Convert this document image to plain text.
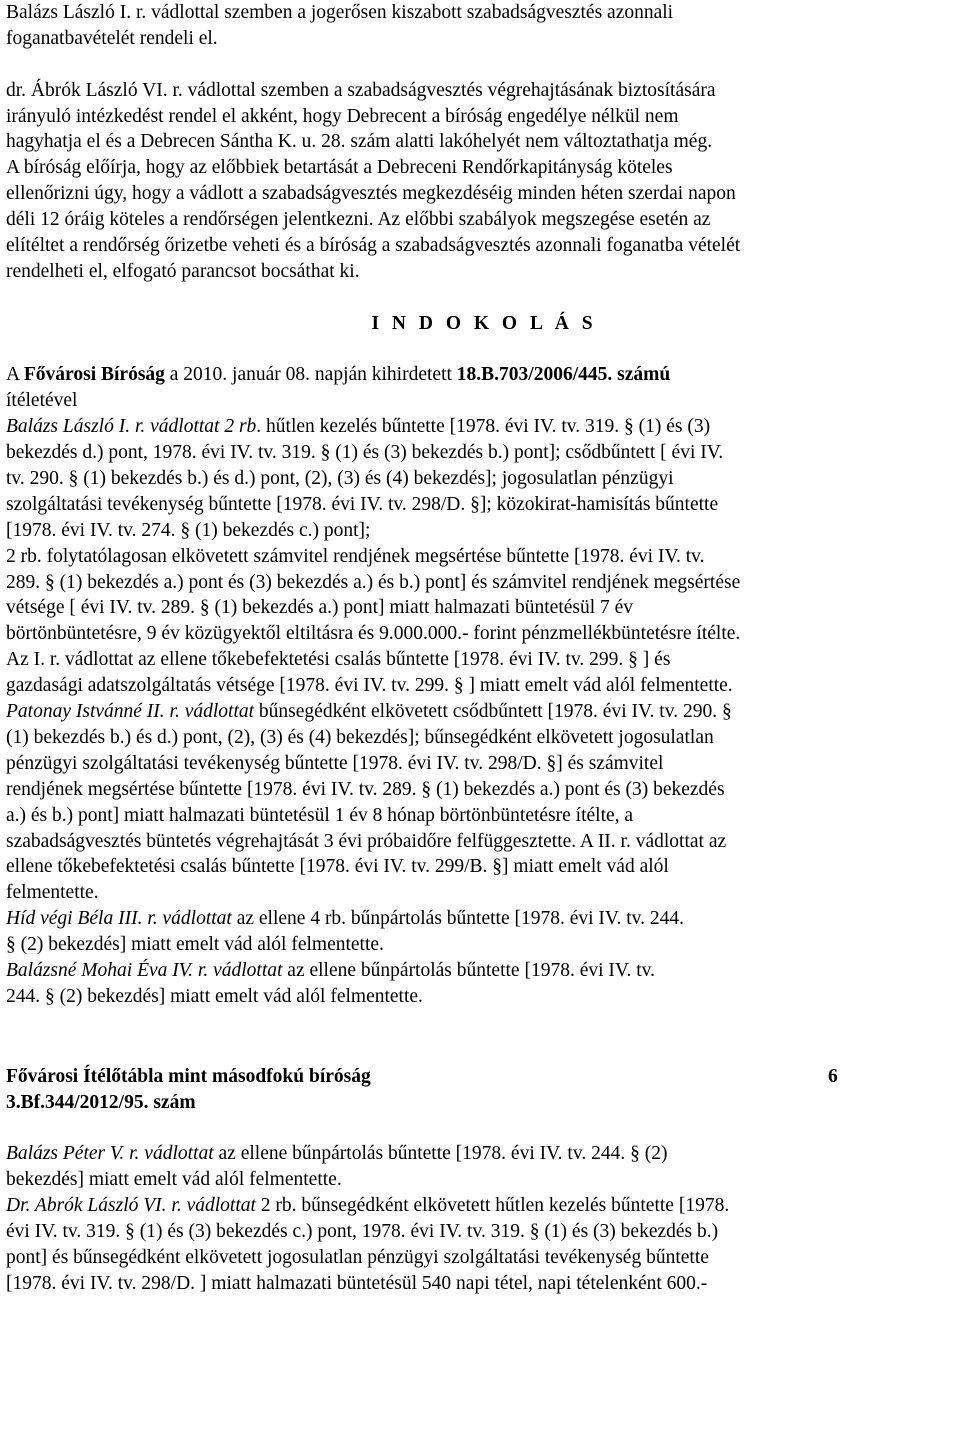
Balázs László I. r. vádlottal szemben a jogerősen kiszabott szabadságvesztés azonnali
foganatbavételét rendeli el.
dr. Ábrók László VI. r. vádlottal szemben a szabadságvesztés végrehajtásának biztosítására
irányuló intézkedést rendel el akként, hogy Debrecent a bíróság engedélye nélkül nem
hagyhatja el és a Debrecen Sántha K. u. 28. szám alatti lakóhelyét nem változtathatja még.
A bíróság előírja, hogy az előbbiek betartását a Debreceni Rendőrkapitányság köteles
ellenőrizni úgy, hogy a vádlott a szabadságvesztés megkezdéséig minden héten szerdai napon
déli 12 óráig köteles a rendőrségen jelentkezni. Az előbbi szabályok megszegése esetén az
elítéltet a rendőrség őrizetbe veheti és a bíróság a szabadságvesztés azonnali foganatba vételét
rendelheti el, elfogató parancsot bocsáthat ki.
I N D O K O L Á S
A Fővárosi Bíróság a 2010. január 08. napján kihirdetett 18.B.703/2006/445. számú
ítéletével
Balázs László I. r. vádlottat 2 rb. hűtlen kezelés bűntette [1978. évi IV. tv. 319. § (1) és (3)
bekezdés d.) pont, 1978. évi IV. tv. 319. § (1) és (3) bekezdés b.) pont]; csődbűntett [ évi IV.
tv. 290. § (1) bekezdés b.) és d.) pont, (2), (3) és (4) bekezdés]; jogosulatlan pénzügyi
szolgáltatási tevékenység bűntette [1978. évi IV. tv. 298/D. §]; közokirat-hamisítás bűntette
[1978. évi IV. tv. 274. § (1) bekezdés c.) pont];
2 rb. folytatólagosan elkövetett számvitel rendjének megsértése bűntette [1978. évi IV. tv.
289. § (1) bekezdés a.) pont és (3) bekezdés a.) és b.) pont] és számvitel rendjének megsértése
vétsége [ évi IV. tv. 289. § (1) bekezdés a.) pont] miatt halmazati büntetésül 7 év
börtönbüntetésre, 9 év közügyektől eltiltásra és 9.000.000.- forint pénzmellékbüntetésre ítélte.
Az I. r. vádlottat az ellene tőkebefektetési csalás bűntette [1978. évi IV. tv. 299. § ] és
gazdasági adatszolgáltatás vétsége [1978. évi IV. tv. 299. § ] miatt emelt vád alól felmentette.
Patonay Istvánné II. r. vádlottat bűnsegédként elkövetett csődbűntett [1978. évi IV. tv. 290. §
(1) bekezdés b.) és d.) pont, (2), (3) és (4) bekezdés]; bűnsegédként elkövetett jogosulatlan
pénzügyi szolgáltatási tevékenység bűntette [1978. évi IV. tv. 298/D. §] és számvitel
rendjének megsértése bűntette [1978. évi IV. tv. 289. § (1) bekezdés a.) pont és (3) bekezdés
a.) és b.) pont] miatt halmazati büntetésül 1 év 8 hónap börtönbüntetésre ítélte, a
szabadságvesztés büntetés végrehajtását 3 évi próbaidőre felfüggesztette. A II. r. vádlottat az
ellene tőkebefektetési csalás bűntette [1978. évi IV. tv. 299/B. §] miatt emelt vád alól
felmentette.
Híd végi Béla III. r. vádlottat az ellene 4 rb. bűnpártolás bűntette [1978. évi IV. tv. 244.
§ (2) bekezdés] miatt emelt vád alól felmentette.
Balázsné Mohai Éva IV. r. vádlottat az ellene bűnpártolás bűntette [1978. évi IV. tv.
244. § (2) bekezdés] miatt emelt vád alól felmentette.
Fővárosi Ítélőtábla mint másodfokú bíróság	6
3.Bf.344/2012/95. szám
Balázs Péter V. r. vádlottat az ellene bűnpártolás bűntette [1978. évi IV. tv. 244. § (2)
bekezdés] miatt emelt vád alól felmentette.
Dr. Abrók László VI. r. vádlottat 2 rb. bűnsegédként elkövetett hűtlen kezelés bűntette [1978.
évi IV. tv. 319. § (1) és (3) bekezdés c.) pont, 1978. évi IV. tv. 319. § (1) és (3) bekezdés b.)
pont] és bűnsegédként elkövetett jogosulatlan pénzügyi szolgáltatási tevékenység bűntette
[1978. évi IV. tv. 298/D. ] miatt halmazati büntetésül 540 napi tétel, napi tételenként 600.-
